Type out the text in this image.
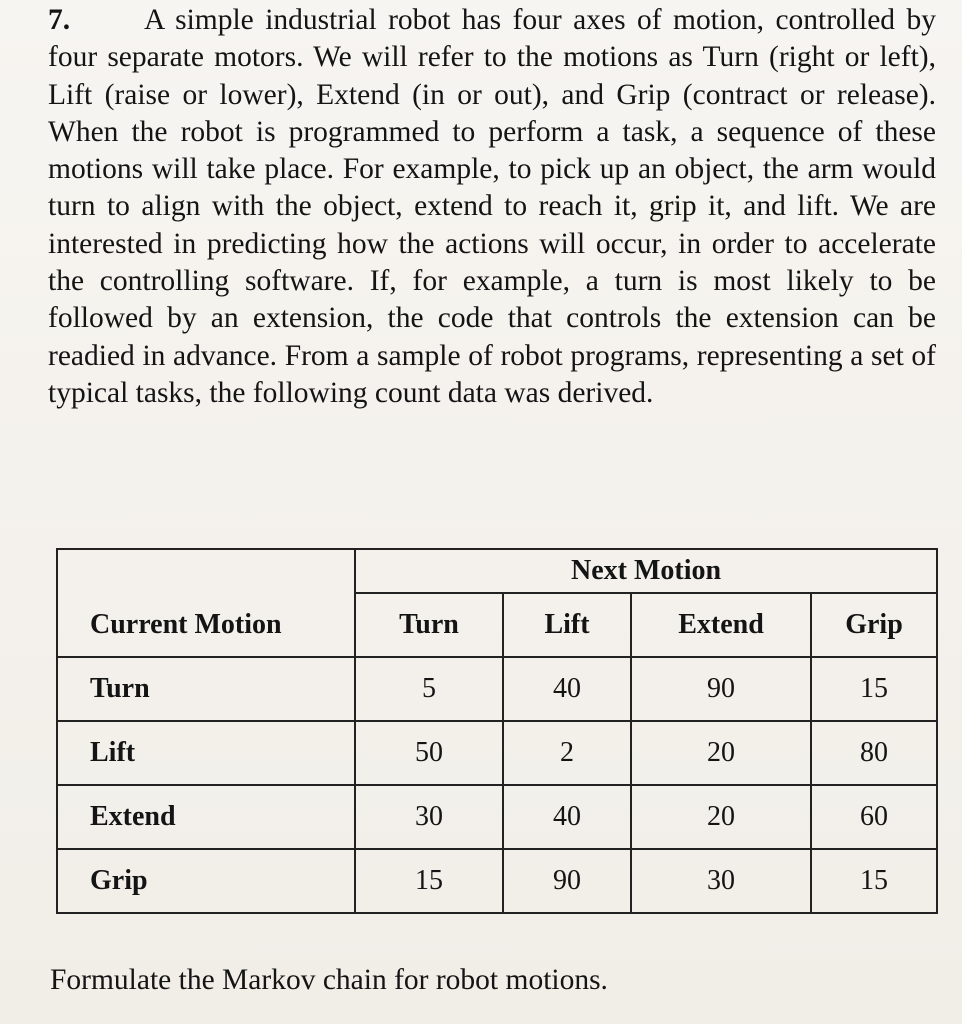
7.	A simple industrial robot has four axes of motion, controlled by four separate motors. We will refer to the motions as Turn (right or left), Lift (raise or lower), Extend (in or out), and Grip (contract or release). When the robot is programmed to perform a task, a sequence of these motions will take place. For example, to pick up an object, the arm would turn to align with the object, extend to reach it, grip it, and lift. We are interested in predicting how the actions will occur, in order to accelerate the controlling software. If, for example, a turn is most likely to be followed by an extension, the code that controls the extension can be readied in advance. From a sample of robot programs, representing a set of typical tasks, the following count data was derived.
	Next Motion			
Current Motion	Turn	Lift	Extend	Grip
Turn	5	40	90	15
Lift	50	2	20	80
Extend	30	40	20	60
Grip	15	90	30	15
Formulate the Markov chain for robot motions.
